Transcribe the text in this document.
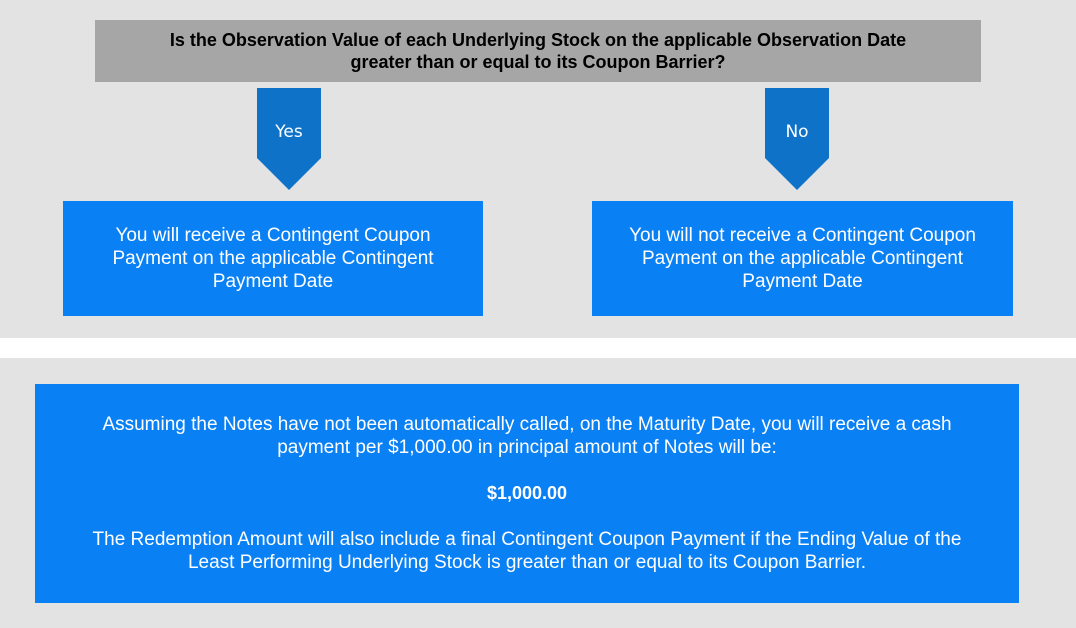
Is the Observation Value of each Underlying Stock on the applicable Observation Date
greater than or equal to its Coupon Barrier?
Yes	No
You will receive a Contingent Coupon
Payment on the applicable Contingent
Payment Date
You will not receive a Contingent Coupon
Payment on the applicable Contingent
Payment Date

Assuming the Notes have not been automatically called, on the Maturity Date, you will receive a cash

payment per $1,000.00 in principal amount of Notes will be:

$1,000.00

The Redemption Amount will also include a final Contingent Coupon Payment if the Ending Value of the

Least Performing Underlying Stock is greater than or equal to its Coupon Barrier.
